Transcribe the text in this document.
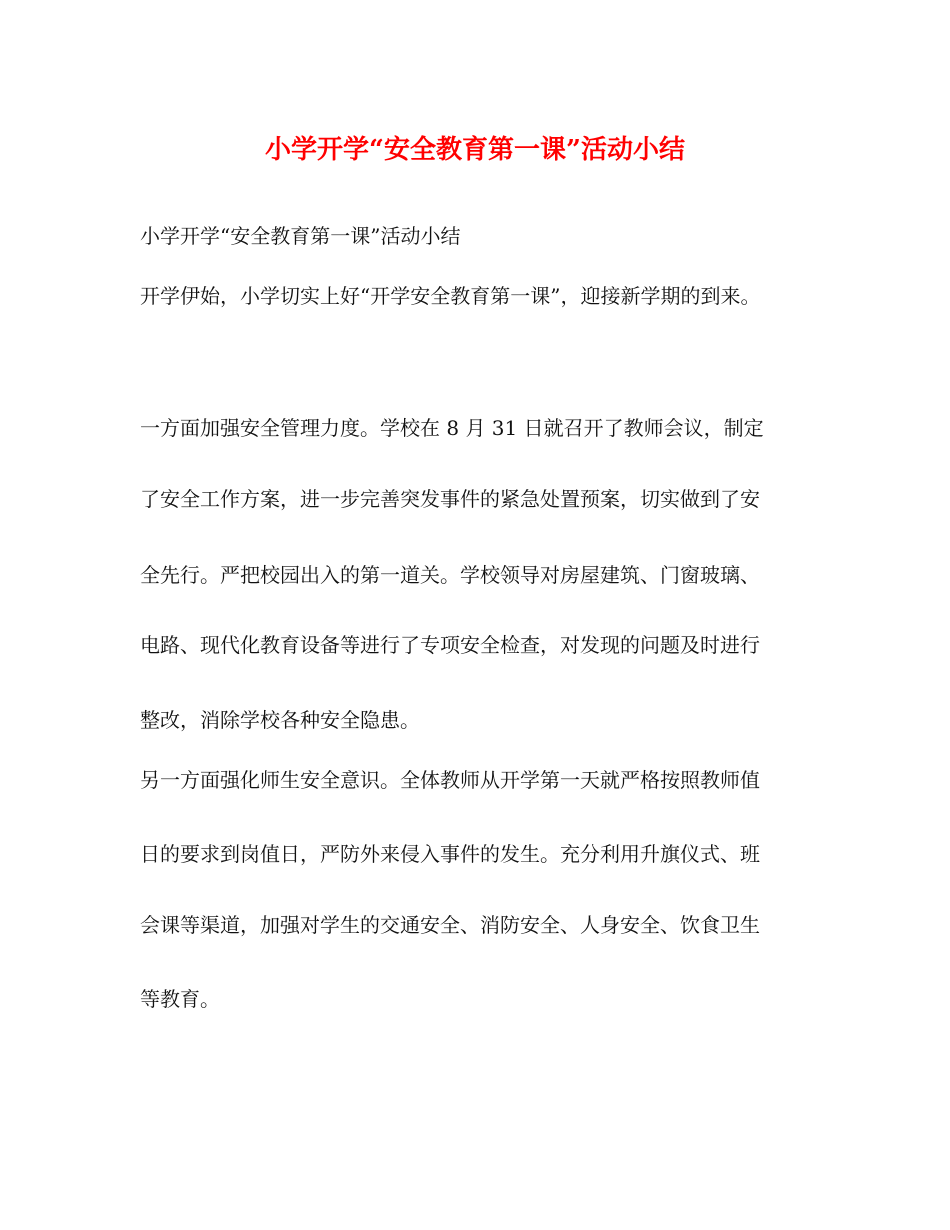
小学开学“安全教育第一课”活动小结
小学开学“安全教育第一课”活动小结
开学伊始，小学切实上好“开学安全教育第一课”，迎接新学期的到来。
一方面加强安全管理力度。学校在 8 月 31 日就召开了教师会议，制定
了安全工作方案，进一步完善突发事件的紧急处置预案，切实做到了安
全先行。严把校园出入的第一道关。学校领导对房屋建筑、门窗玻璃、
电路、现代化教育设备等进行了专项安全检查，对发现的问题及时进行
整改，消除学校各种安全隐患。
另一方面强化师生安全意识。全体教师从开学第一天就严格按照教师值
日的要求到岗值日，严防外来侵入事件的发生。充分利用升旗仪式、班
会课等渠道，加强对学生的交通安全、消防安全、人身安全、饮食卫生
等教育。
